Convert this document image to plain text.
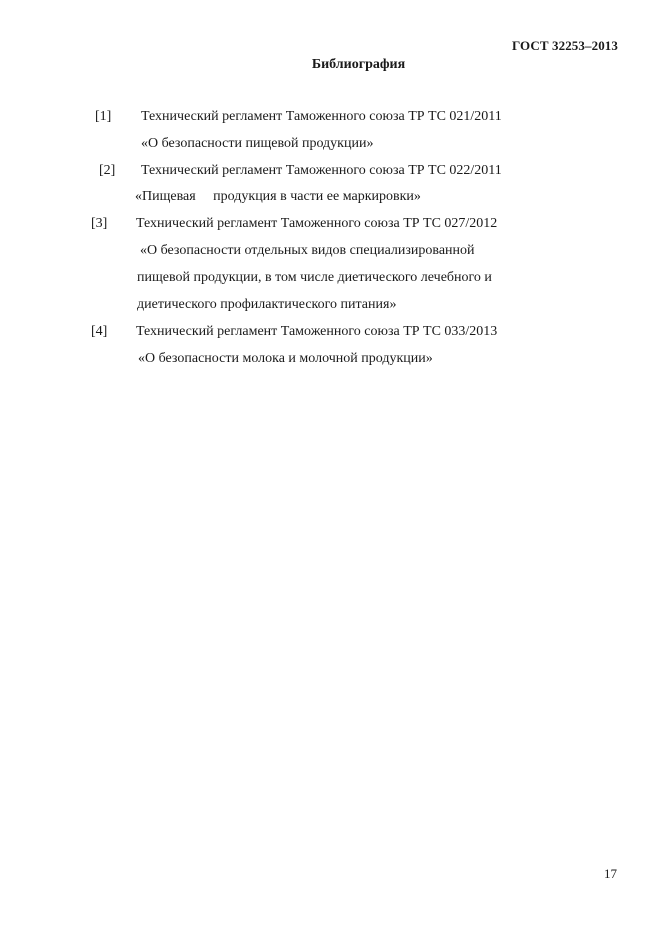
ГОСТ 32253–2013
Библиография
[1] Технический регламент Таможенного союза ТР ТС 021/2011
«О безопасности пищевой продукции»
[2] Технический регламент Таможенного союза ТР ТС 022/2011
«Пищевая     продукция в части ее маркировки»
[3] Технический регламент Таможенного союза ТР ТС 027/2012
«О безопасности отдельных видов специализированной
пищевой продукции, в том числе диетического лечебного и
диетического профилактического питания»
[4] Технический регламент Таможенного союза ТР ТС 033/2013
«О безопасности молока и молочной продукции»
17
